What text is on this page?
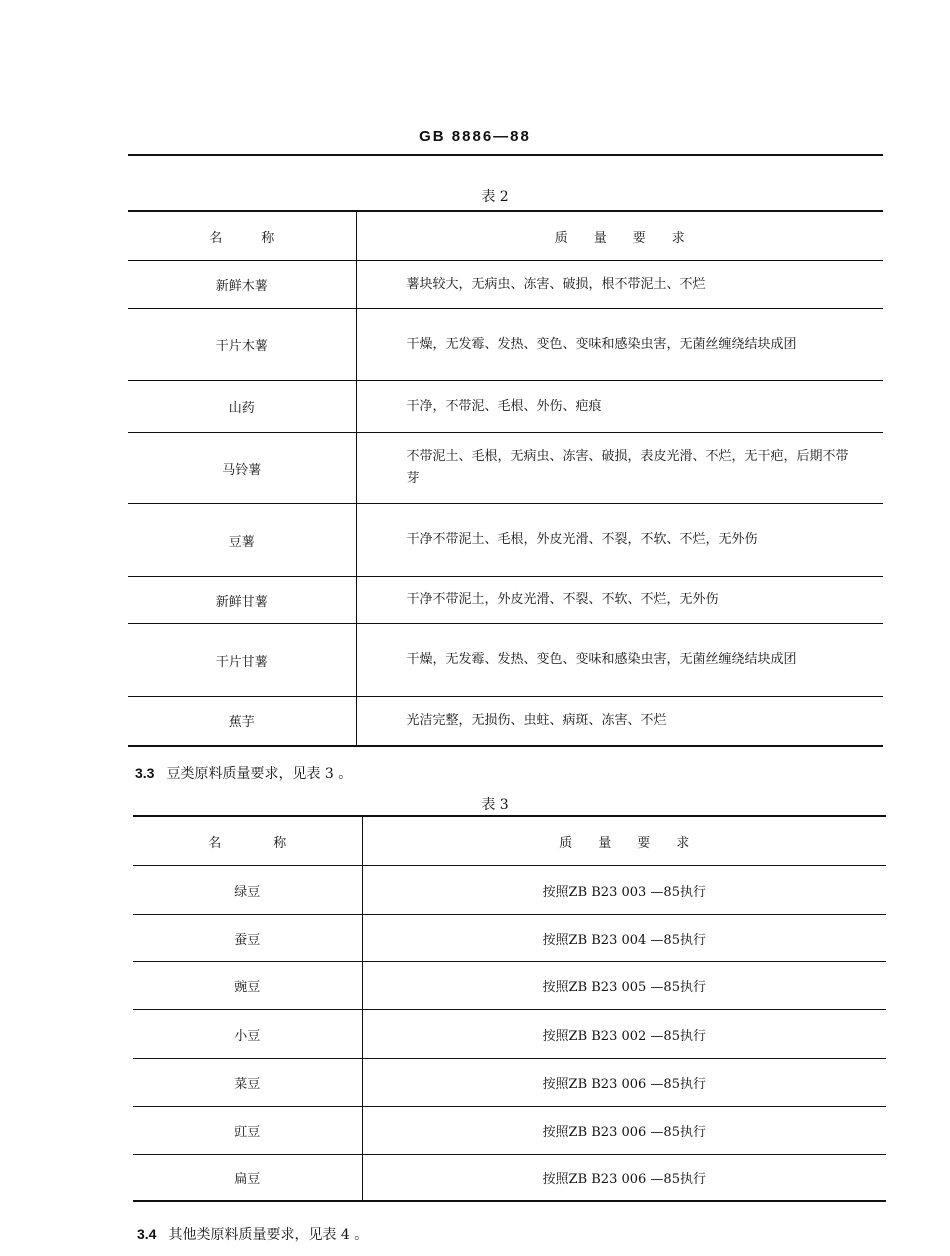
GB 8886—88
表 2
名　　　称	质　　量　　要　　求
新鲜木薯	薯块较大，无病虫、冻害、破损，根不带泥土、不烂
干片木薯	干燥，无发霉、发热、变色、变味和感染虫害，无菌丝缠绕结块成团
山药	干净，不带泥、毛根、外伤、疤痕
马铃薯	不带泥土、毛根，无病虫、冻害、破损，表皮光滑、不烂，无干疤，后期不带芽
豆薯	干净不带泥土、毛根，外皮光滑、不裂，不软、不烂，无外伤
新鲜甘薯	干净不带泥土，外皮光滑、不裂、不软、不烂，无外伤
干片甘薯	干燥，无发霉、发热、变色、变味和感染虫害，无菌丝缠绕结块成团
蕉芋	光洁完整，无损伤、虫蛀、病斑、冻害、不烂
3.3 豆类原料质量要求，见表 3 。
表 3
名　　　　称	质　　量　　要　　求
绿豆	按照ZB B23 003 —85执行
蚕豆	按照ZB B23 004 —85执行
豌豆	按照ZB B23 005 —85执行
小豆	按照ZB B23 002 —85执行
菜豆	按照ZB B23 006 —85执行
豇豆	按照ZB B23 006 —85执行
扁豆	按照ZB B23 006 —85执行
3.4 其他类原料质量要求，见表 4 。
